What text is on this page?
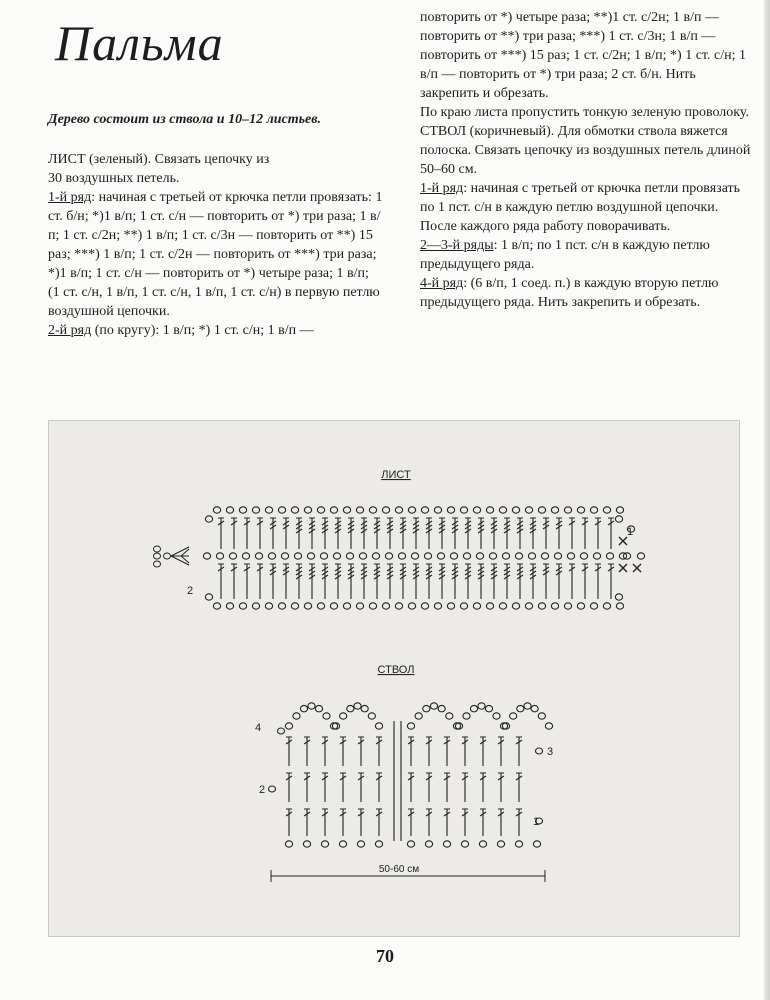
Пальма
Дерево состоит из ствола и 10–12 листьев.

ЛИСТ (зеленый). Связать цепочку из
30 воздушных петель.

1-й ряд: начиная с третьей от крючка петли провязать: 1 ст. б/н; *)1 в/п; 1 ст. с/н — повторить от *) три раза; 1 в/п; 1 ст. с/2н; **) 1 в/п; 1 ст. с/3н — повторить от **) 15 раз; ***) 1 в/п; 1 ст. с/2н — повторить от ***) три раза; *)1 в/п; 1 ст. с/н — повторить от *) четыре раза; 1 в/п; (1 ст. с/н, 1 в/п, 1 ст. с/н, 1 в/п, 1 ст. с/н) в первую петлю воздушной цепочки.

2-й ряд (по кругу): 1 в/п; *) 1 ст. с/н; 1 в/п —

повторить от *) четыре раза; **)1 ст. с/2н; 1 в/п — повторить от **) три раза; ***) 1 ст. с/3н; 1 в/п — повторить от ***) 15 раз; 1 ст. с/2н; 1 в/п; *) 1 ст. с/н; 1 в/п — повторить от *) три раза; 2 ст. б/н. Нить закрепить и обрезать.

По краю листа пропустить тонкую зеленую проволоку.

СТВОЛ (коричневый). Для обмотки ствола вяжется полоска. Связать цепочку из воздушных петель длиной 50–60 см.

1-й ряд: начиная с третьей от крючка петли провязать по 1 пст. с/н в каждую петлю воздушной цепочки.

После каждого ряда работу поворачивать.

2—3-й ряды: 1 в/п; по 1 пст. с/н в каждую петлю предыдущего ряда.

4-й ряд: (6 в/п, 1 соед. п.) в каждую вторую петлю предыдущего ряда. Нить закрепить и обрезать.

ЛИСТ
2
1
СТВОЛ
4
3
2
1
50-60 см
70
